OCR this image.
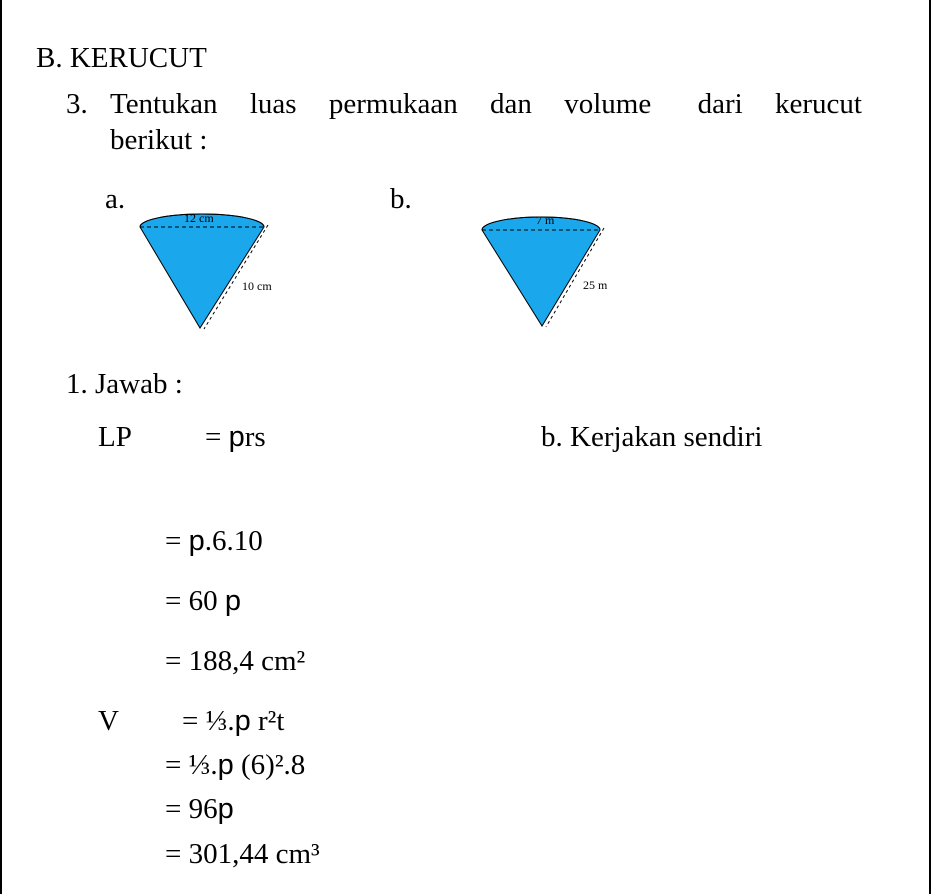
B. KERUCUT
3. Tentukan luas permukaan dan volume dari kerucut
berikut :
a.	b.
12 cm
10 cm
7 m
25 m
1. Jawab :
LP	= prs	b. Kerjakan sendiri
= p.6.10
= 60 p
= 188,4 cm²
V = ⅓.p r²t
= ⅓.p (6)².8
= 96p
= 301,44 cm³
